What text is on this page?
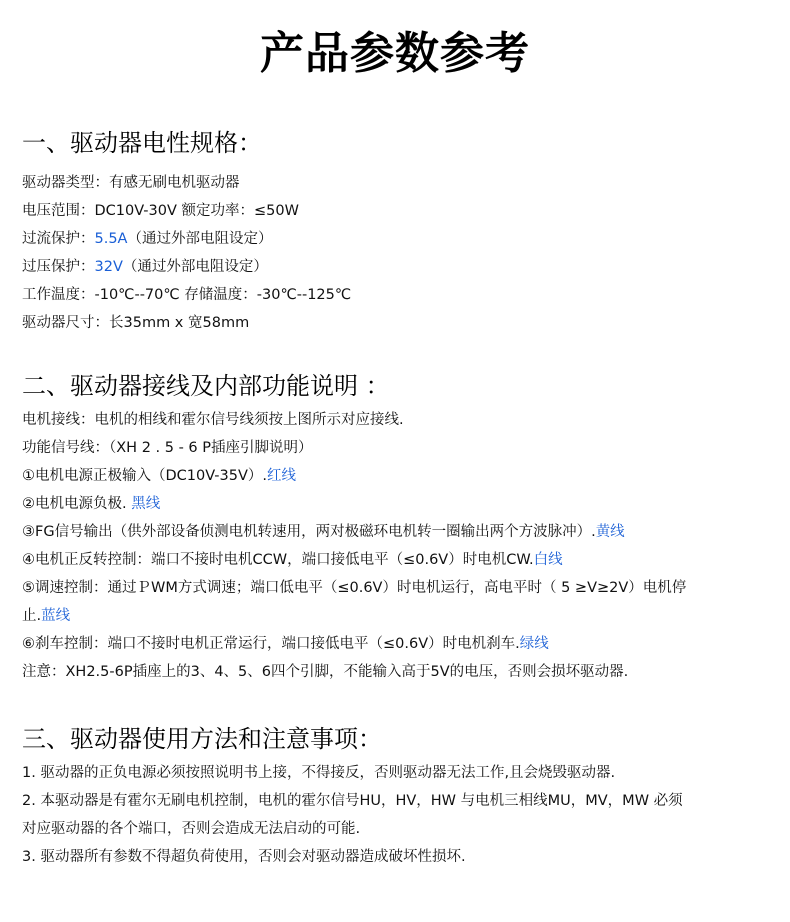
产品参数参考
一、驱动器电性规格：
驱动器类型：有感无刷电机驱动器
电压范围：DC10V-30V 额定功率：≤50W
过流保护：5.5A（通过外部电阻设定）
过压保护：32V（通过外部电阻设定）
工作温度：-10℃--70℃ 存储温度：-30℃--125℃
驱动器尺寸：长35mm x 宽58mm
二、驱动器接线及内部功能说明 ：
电机接线：电机的相线和霍尔信号线须按上图所示对应接线.
功能信号线：（XH 2 . 5 - 6 P插座引脚说明）
①电机电源正极输入（DC10V-35V）.红线
②电机电源负极. 黑线
③FG信号输出（供外部设备侦测电机转速用，两对极磁环电机转一圈输出两个方波脉冲）.黄线
④电机正反转控制：端口不接时电机CCW，端口接低电平（≤0.6V）时电机CW.白线
⑤调速控制：通过ＰWM方式调速；端口低电平（≤0.6V）时电机运行，高电平时（ 5 ≥V≥2V）电机停
止.蓝线
⑥刹车控制：端口不接时电机正常运行，端口接低电平（≤0.6V）时电机刹车.绿线
注意：XH2.5-6P插座上的3、4、5、6四个引脚，不能输入高于5V的电压，否则会损坏驱动器.
三、驱动器使用方法和注意事项：
1. 驱动器的正负电源必须按照说明书上接，不得接反，否则驱动器无法工作,且会烧毁驱动器.
2. 本驱动器是有霍尔无刷电机控制，电机的霍尔信号HU，HV，HW 与电机三相线MU，MV，MW 必须
对应驱动器的各个端口，否则会造成无法启动的可能.
3. 驱动器所有参数不得超负荷使用，否则会对驱动器造成破坏性损坏.
